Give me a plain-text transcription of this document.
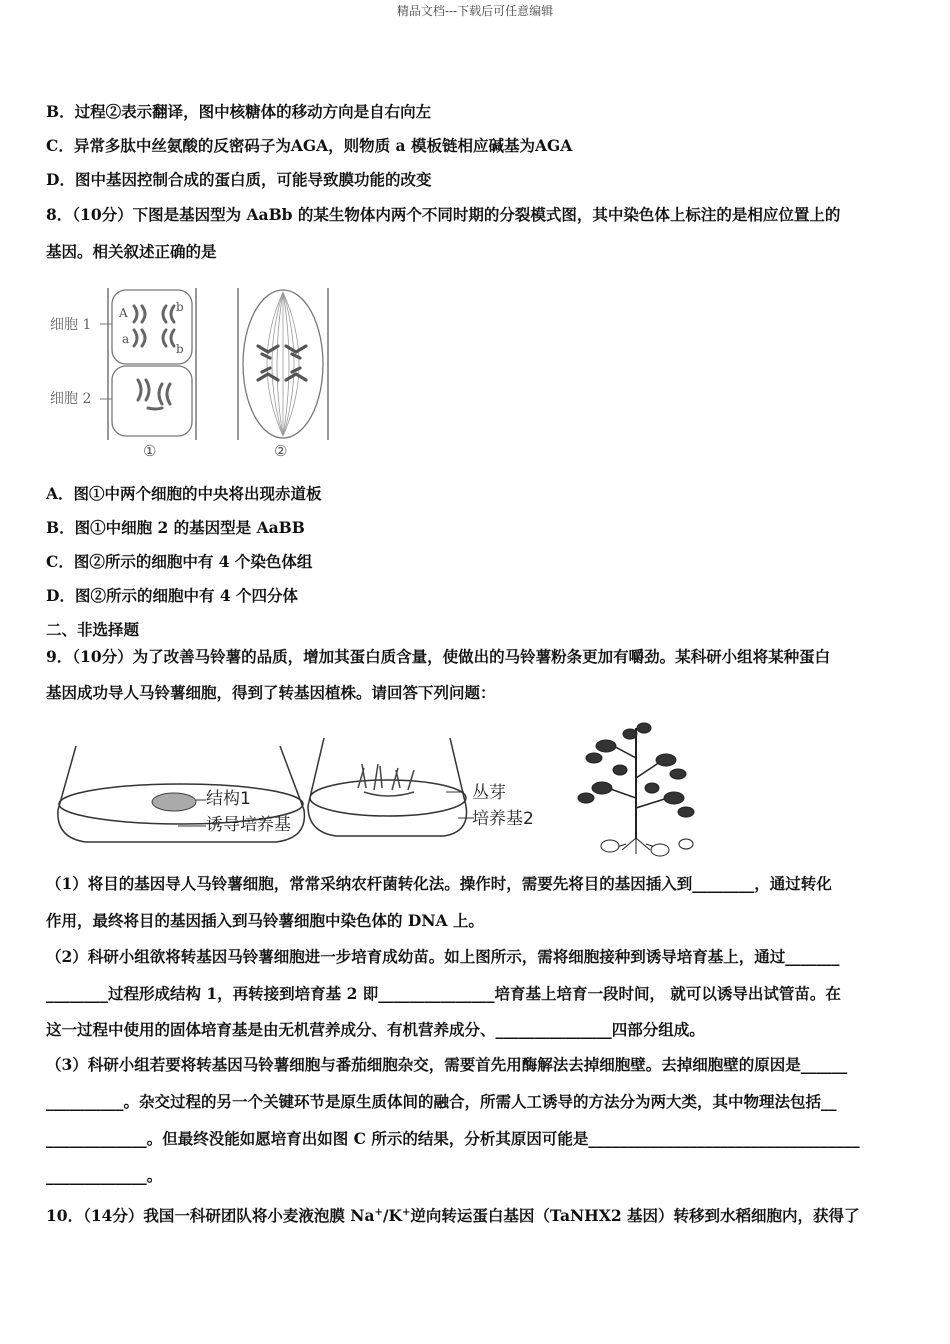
精品文档---下载后可任意编辑
B．过程②表示翻译，图中核糖体的移动方向是自右向左
C．异常多肽中丝氨酸的反密码子为AGA，则物质 a 模板链相应碱基为AGA
D．图中基因控制合成的蛋白质，可能导致膜功能的改变
8．（10分）下图是基因型为 AaBb 的某生物体内两个不同时期的分裂模式图，其中染色体上标注的是相应位置上的
基因。相关叙述正确的是
A
a
b
b
细胞 1
细胞 2
①	②
A．图①中两个细胞的中央将出现赤道板
B．图①中细胞 2 的基因型是 AaBB
C．图②所示的细胞中有 4 个染色体组
D．图②所示的细胞中有 4 个四分体
二、非选择题
9．（10分）为了改善马铃薯的品质，增加其蛋白质含量，使做出的马铃薯粉条更加有嚼劲。某科研小组将某种蛋白
基因成功导人马铃薯细胞，得到了转基因植株。请回答下列问题：
结构1
诱导培养基
丛芽
培养基2
（1）将目的基因导人马铃薯细胞，常常采纳农杆菌转化法。操作时，需要先将目的基因插入到________，通过转化
作用，最终将目的基因插入到马铃薯细胞中染色体的 DNA 上。
（2）科研小组欲将转基因马铃薯细胞进一步培育成幼苗。如上图所示，需将细胞接种到诱导培育基上，通过_______
________过程形成结构 1，再转接到培育基 2 即_______________培育基上培育一段时间， 就可以诱导出试管苗。在
这一过程中使用的固体培育基是由无机营养成分、有机营养成分、_______________四部分组成。
（3）科研小组若要将转基因马铃薯细胞与番茄细胞杂交，需要首先用酶解法去掉细胞壁。去掉细胞壁的原因是______
__________。杂交过程的另一个关键环节是原生质体间的融合，所需人工诱导的方法分为两大类，其中物理法包括__
_____________。但最终没能如愿培育出如图 C 所示的结果，分析其原因可能是___________________________________
_____________。
10．（14分）我国一科研团队将小麦液泡膜 Na+/K+逆向转运蛋白基因（TaNHX2 基因）转移到水稻细胞内，获得了
